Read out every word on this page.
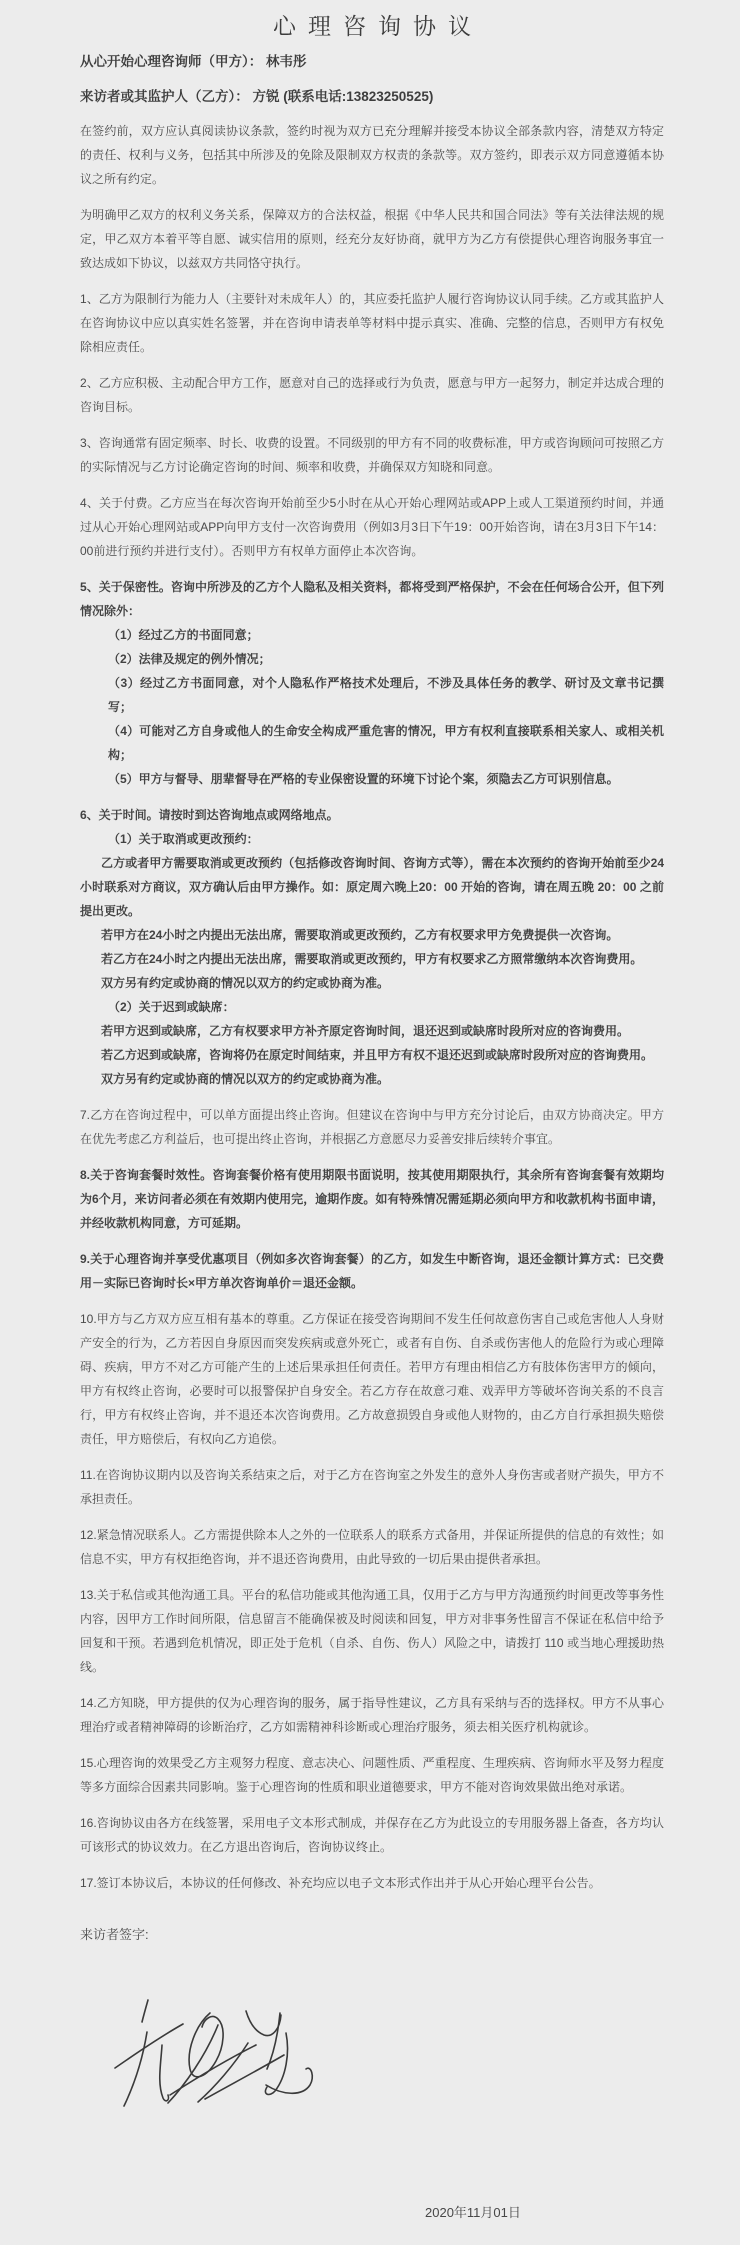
心理咨询协议

从心开始心理咨询师（甲方）： 林韦彤

来访者或其监护人（乙方）： 方锐 (联系电话:13823250525)

在签约前，双方应认真阅读协议条款，签约时视为双方已充分理解并接受本协议全部条款内容，清楚双方特定的责任、权利与义务，包括其中所涉及的免除及限制双方权责的条款等。双方签约，即表示双方同意遵循本协议之所有约定。

为明确甲乙双方的权利义务关系，保障双方的合法权益，根据《中华人民共和国合同法》等有关法律法规的规定，甲乙双方本着平等自愿、诚实信用的原则，经充分友好协商，就甲方为乙方有偿提供心理咨询服务事宜一致达成如下协议，以兹双方共同恪守执行。

1、乙方为限制行为能力人（主要针对未成年人）的，其应委托监护人履行咨询协议认同手续。乙方或其监护人在咨询协议中应以真实姓名签署，并在咨询申请表单等材料中提示真实、准确、完整的信息，否则甲方有权免除相应责任。

2、乙方应积极、主动配合甲方工作，愿意对自己的选择或行为负责，愿意与甲方一起努力，制定并达成合理的咨询目标。

3、咨询通常有固定频率、时长、收费的设置。不同级别的甲方有不同的收费标准，甲方或咨询顾问可按照乙方的实际情况与乙方讨论确定咨询的时间、频率和收费，并确保双方知晓和同意。

4、关于付费。乙方应当在每次咨询开始前至少5小时在从心开始心理网站或APP上或人工渠道预约时间，并通过从心开始心理网站或APP向甲方支付一次咨询费用（例如3月3日下午19：00开始咨询，请在3月3日下午14：00前进行预约并进行支付）。否则甲方有权单方面停止本次咨询。

5、关于保密性。咨询中所涉及的乙方个人隐私及相关资料，都将受到严格保护，不会在任何场合公开，但下列情况除外：

（1）经过乙方的书面同意；

（2）法律及规定的例外情况；

（3）经过乙方书面同意，对个人隐私作严格技术处理后，不涉及具体任务的教学、研讨及文章书记撰写；

（4）可能对乙方自身或他人的生命安全构成严重危害的情况，甲方有权利直接联系相关家人、或相关机构；

（5）甲方与督导、朋辈督导在严格的专业保密设置的环境下讨论个案，须隐去乙方可识别信息。

6、关于时间。请按时到达咨询地点或网络地点。

（1）关于取消或更改预约：

乙方或者甲方需要取消或更改预约（包括修改咨询时间、咨询方式等），需在本次预约的咨询开始前至少24小时联系对方商议，双方确认后由甲方操作。如：原定周六晚上20：00 开始的咨询，请在周五晚 20：00 之前提出更改。

若甲方在24小时之内提出无法出席，需要取消或更改预约，乙方有权要求甲方免费提供一次咨询。

若乙方在24小时之内提出无法出席，需要取消或更改预约，甲方有权要求乙方照常缴纳本次咨询费用。

双方另有约定或协商的情况以双方的约定或协商为准。

（2）关于迟到或缺席：

若甲方迟到或缺席，乙方有权要求甲方补齐原定咨询时间，退还迟到或缺席时段所对应的咨询费用。

若乙方迟到或缺席，咨询将仍在原定时间结束，并且甲方有权不退还迟到或缺席时段所对应的咨询费用。

双方另有约定或协商的情况以双方的约定或协商为准。

7.乙方在咨询过程中，可以单方面提出终止咨询。但建议在咨询中与甲方充分讨论后，由双方协商决定。甲方在优先考虑乙方利益后，也可提出终止咨询，并根据乙方意愿尽力妥善安排后续转介事宜。

8.关于咨询套餐时效性。咨询套餐价格有使用期限书面说明，按其使用期限执行，其余所有咨询套餐有效期均为6个月，来访问者必须在有效期内使用完，逾期作废。如有特殊情况需延期必须向甲方和收款机构书面申请，并经收款机构同意，方可延期。

9.关于心理咨询并享受优惠项目（例如多次咨询套餐）的乙方，如发生中断咨询，退还金额计算方式：已交费用－实际已咨询时长×甲方单次咨询单价＝退还金额。

10.甲方与乙方双方应互相有基本的尊重。乙方保证在接受咨询期间不发生任何故意伤害自己或危害他人人身财产安全的行为，乙方若因自身原因而突发疾病或意外死亡，或者有自伤、自杀或伤害他人的危险行为或心理障碍、疾病，甲方不对乙方可能产生的上述后果承担任何责任。若甲方有理由相信乙方有肢体伤害甲方的倾向，甲方有权终止咨询，必要时可以报警保护自身安全。若乙方存在故意刁难、戏弄甲方等破坏咨询关系的不良言行，甲方有权终止咨询，并不退还本次咨询费用。乙方故意损毁自身或他人财物的，由乙方自行承担损失赔偿责任，甲方赔偿后，有权向乙方追偿。

11.在咨询协议期内以及咨询关系结束之后，对于乙方在咨询室之外发生的意外人身伤害或者财产损失，甲方不承担责任。

12.紧急情况联系人。乙方需提供除本人之外的一位联系人的联系方式备用，并保证所提供的信息的有效性；如信息不实，甲方有权拒绝咨询，并不退还咨询费用，由此导致的一切后果由提供者承担。

13.关于私信或其他沟通工具。平台的私信功能或其他沟通工具，仅用于乙方与甲方沟通预约时间更改等事务性内容，因甲方工作时间所限，信息留言不能确保被及时阅读和回复，甲方对非事务性留言不保证在私信中给予回复和干预。若遇到危机情况，即正处于危机（自杀、自伤、伤人）风险之中，请拨打 110 或当地心理援助热线。

14.乙方知晓，甲方提供的仅为心理咨询的服务，属于指导性建议，乙方具有采纳与否的选择权。甲方不从事心理治疗或者精神障碍的诊断治疗，乙方如需精神科诊断或心理治疗服务，须去相关医疗机构就诊。

15.心理咨询的效果受乙方主观努力程度、意志决心、问题性质、严重程度、生理疾病、咨询师水平及努力程度等多方面综合因素共同影响。鉴于心理咨询的性质和职业道德要求，甲方不能对咨询效果做出绝对承诺。

16.咨询协议由各方在线签署，采用电子文本形式制成，并保存在乙方为此设立的专用服务器上备查，各方均认可该形式的协议效力。在乙方退出咨询后，咨询协议终止。

17.签订本协议后，本协议的任何修改、补充均应以电子文本形式作出并于从心开始心理平台公告。

来访者签字:

2020年11月01日
